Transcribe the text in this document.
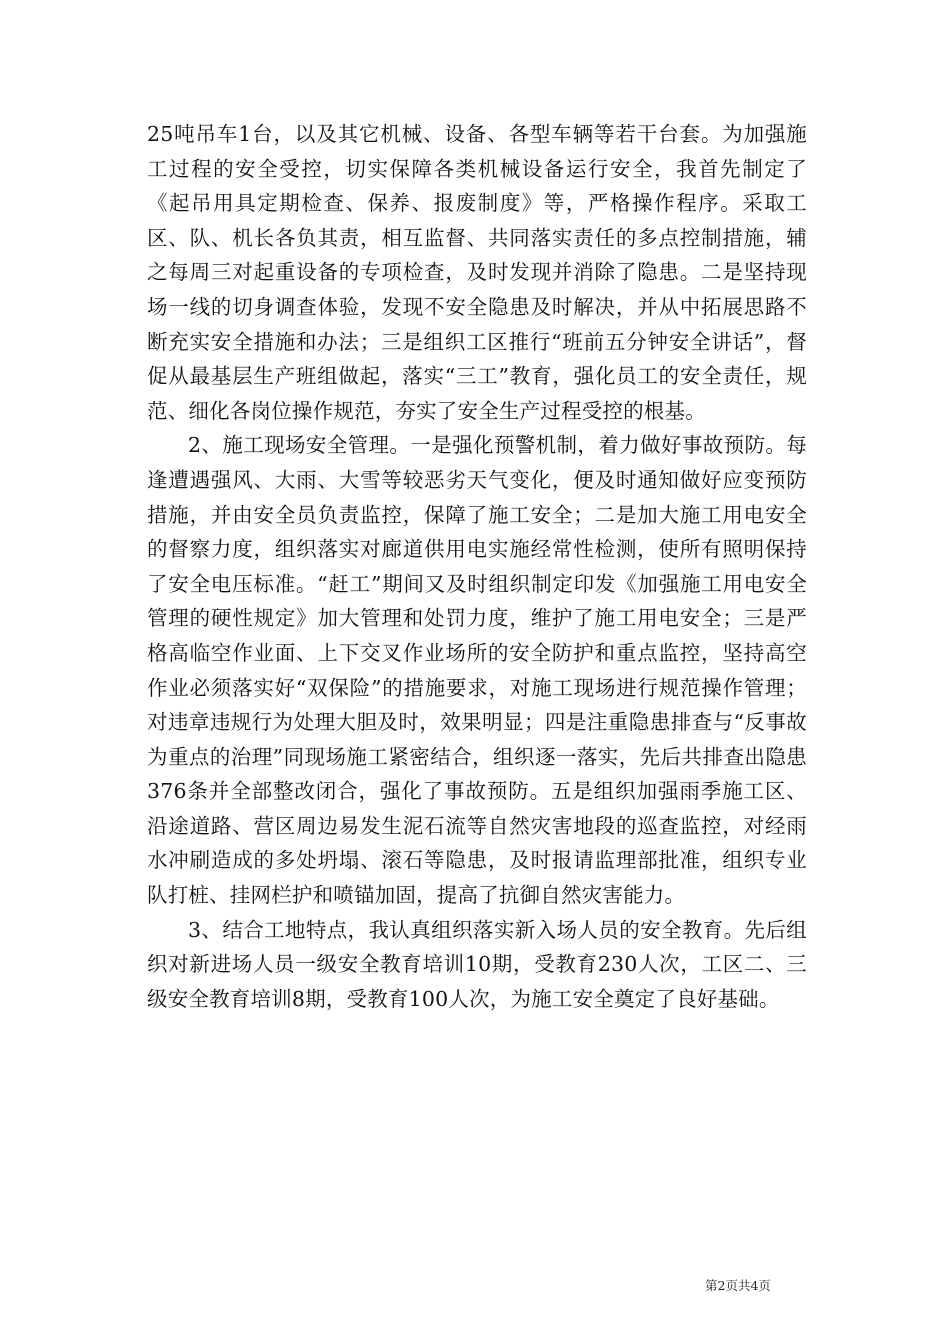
25吨吊车1台，以及其它机械、设备、各型车辆等若干台套。为加强施工过程的安全受控，切实保障各类机械设备运行安全，我首先制定了《起吊用具定期检查、保养、报废制度》等，严格操作程序。采取工区、队、机长各负其责，相互监督、共同落实责任的多点控制措施，辅之每周三对起重设备的专项检查，及时发现并消除了隐患。二是坚持现场一线的切身调查体验，发现不安全隐患及时解决，并从中拓展思路不断充实安全措施和办法；三是组织工区推行“班前五分钟安全讲话”，督促从最基层生产班组做起，落实“三工”教育，强化员工的安全责任，规范、细化各岗位操作规范，夯实了安全生产过程受控的根基。

2、施工现场安全管理。一是强化预警机制，着力做好事故预防。每逢遭遇强风、大雨、大雪等较恶劣天气变化，便及时通知做好应变预防措施，并由安全员负责监控，保障了施工安全；二是加大施工用电安全的督察力度，组织落实对廊道供用电实施经常性检测，使所有照明保持了安全电压标准。“赶工”期间又及时组织制定印发《加强施工用电安全管理的硬性规定》加大管理和处罚力度，维护了施工用电安全；三是严格高临空作业面、上下交叉作业场所的安全防护和重点监控，坚持高空作业必须落实好“双保险”的措施要求，对施工现场进行规范操作管理；对违章违规行为处理大胆及时，效果明显；四是注重隐患排查与“反事故为重点的治理”同现场施工紧密结合，组织逐一落实，先后共排查出隐患376条并全部整改闭合，强化了事故预防。五是组织加强雨季施工区、沿途道路、营区周边易发生泥石流等自然灾害地段的巡查监控，对经雨水冲刷造成的多处坍塌、滚石等隐患，及时报请监理部批准，组织专业队打桩、挂网栏护和喷锚加固，提高了抗御自然灾害能力。

3、结合工地特点，我认真组织落实新入场人员的安全教育。先后组织对新进场人员一级安全教育培训10期，受教育230人次，工区二、三级安全教育培训8期，受教育100人次，为施工安全奠定了良好基础。

第2页共4页
